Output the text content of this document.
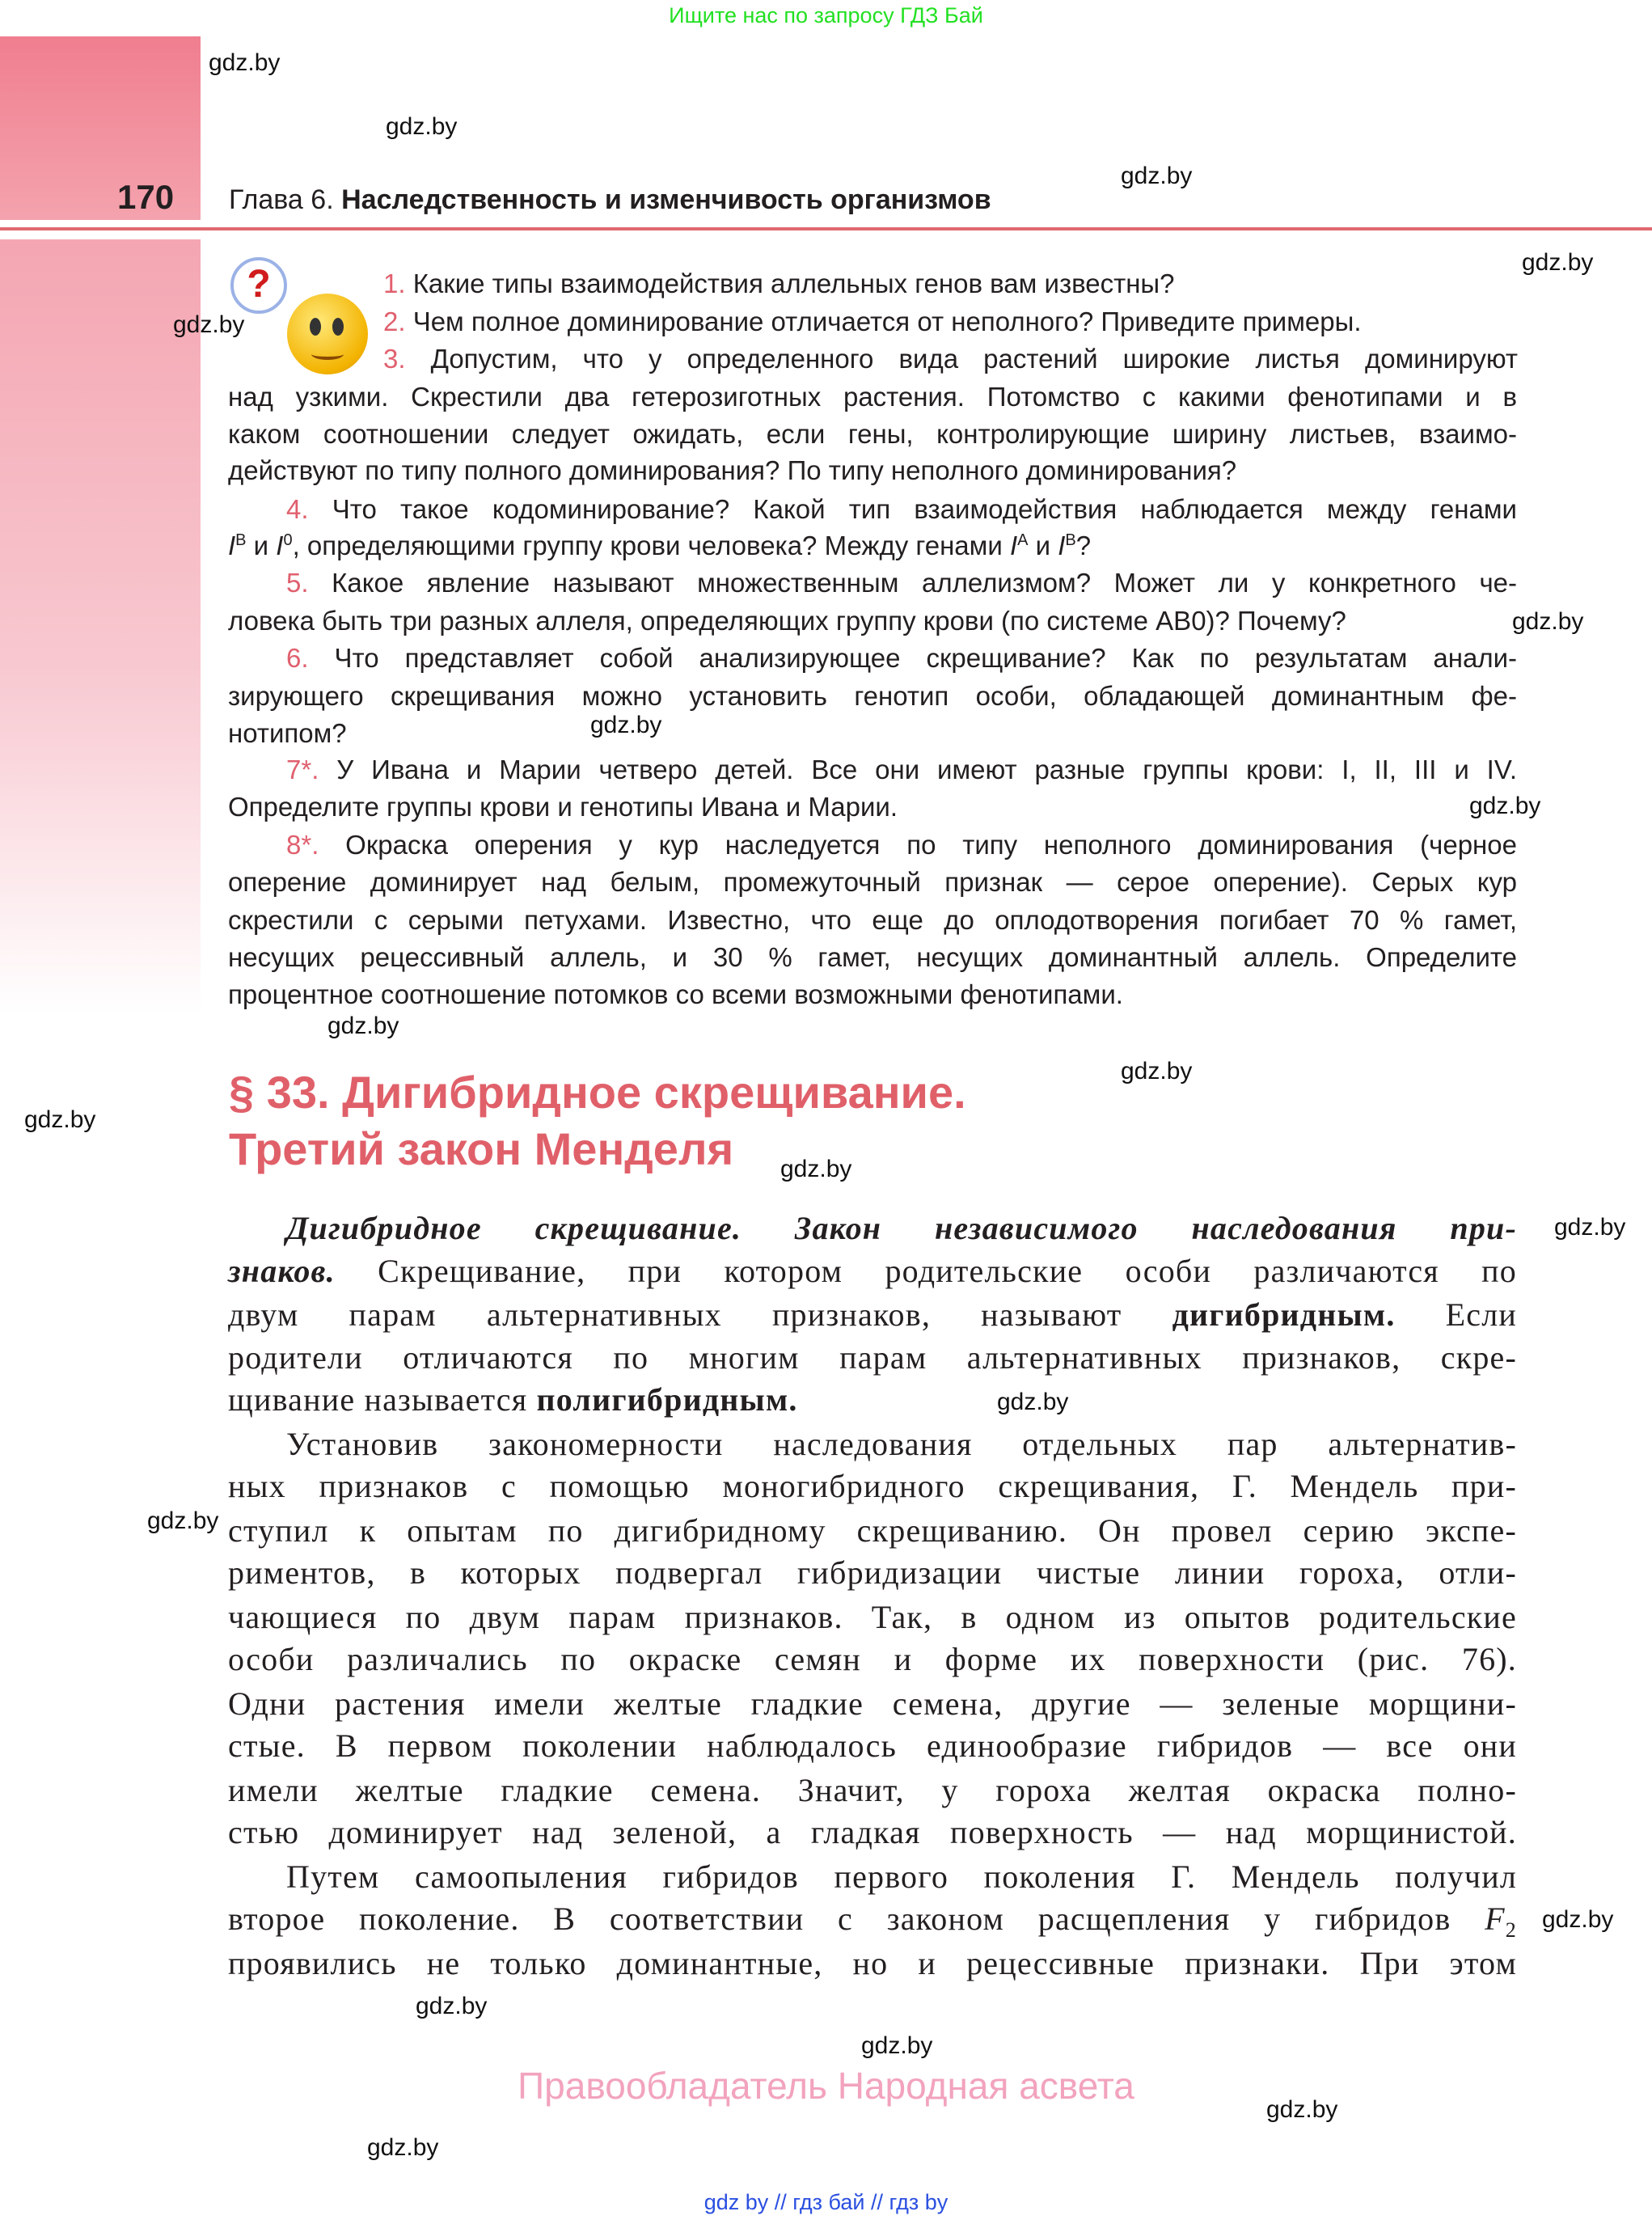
Ищите нас по запросу ГДЗ Бай
170 Глава 6. Наследственность и изменчивость организмов
?	1. Какие типы взаимодействия аллельных генов вам известны?
2. Чем полное доминирование отличается от неполного? Приведите примеры.
3. Допустим, что у определенного вида растений широкие листья доминируют
над узкими. Скрестили два гетерозиготных растения. Потомство с какими фенотипами и в
каком соотношении следует ожидать, если гены, контролирующие ширину листьев, взаимо-
действуют по типу полного доминирования? По типу неполного доминирования?
4. Что такое кодоминирование? Какой тип взаимодействия наблюдается между генами
$I^B$ и $I^0$, определяющими группу крови человека? Между генами $I^A$ и $I^B$?
5. Какое явление называют множественным аллелизмом? Может ли у конкретного че-
ловека быть три разных аллеля, определяющих группу крови (по системе AB0)? Почему?
6. Что представляет собой анализирующее скрещивание? Как по результатам анали-
зирующего скрещивания можно установить генотип особи, обладающей доминантным фе-
нотипом?
7*. У Ивана и Марии четверо детей. Все они имеют разные группы крови: I, II, III и IV.
Определите группы крови и генотипы Ивана и Марии.
8*. Окраска оперения у кур наследуется по типу неполного доминирования (черное
оперение доминирует над белым, промежуточный признак — серое оперение). Серых кур
скрестили с серыми петухами. Известно, что еще до оплодотворения погибает 70 % гамет,
несущих рецессивный аллель, и 30 % гамет, несущих доминантный аллель. Определите
процентное соотношение потомков со всеми возможными фенотипами.
§ 33. Дигибридное скрещивание.
Третий закон Менделя
Дигибридное скрещивание. Закон независимого наследования при-
знаков. Скрещивание, при котором родительские особи различаются по
двум парам альтернативных признаков, называют дигибридным. Если
родители отличаются по многим парам альтернативных признаков, скре-
щивание называется полигибридным.
Установив закономерности наследования отдельных пар альтернатив-
ных признаков с помощью моногибридного скрещивания, Г. Мендель при-
ступил к опытам по дигибридному скрещиванию. Он провел серию экспе-
риментов, в которых подвергал гибридизации чистые линии гороха, отли-
чающиеся по двум парам признаков. Так, в одном из опытов родительские
особи различались по окраске семян и форме их поверхности (рис. 76).
Одни растения имели желтые гладкие семена, другие — зеленые морщини-
стые. В первом поколении наблюдалось единообразие гибридов — все они
имели желтые гладкие семена. Значит, у гороха желтая окраска полно-
стью доминирует над зеленой, а гладкая поверхность — над морщинистой.
Путем самоопыления гибридов первого поколения Г. Мендель получил
второе поколение. В соответствии с законом расщепления у гибридов $F_2$
проявились не только доминантные, но и рецессивные признаки. При этом
Правообладатель Народная асвета
gdz by // гдз бай // гдз by
gdz.by
gdz.by
gdz.by
gdz.by
gdz.by
gdz.by
gdz.by
gdz.by
gdz.by
gdz.by
gdz.by
gdz.by
gdz.by
gdz.by
gdz.by
gdz.by
gdz.by
gdz.by
gdz.by
gdz.by
